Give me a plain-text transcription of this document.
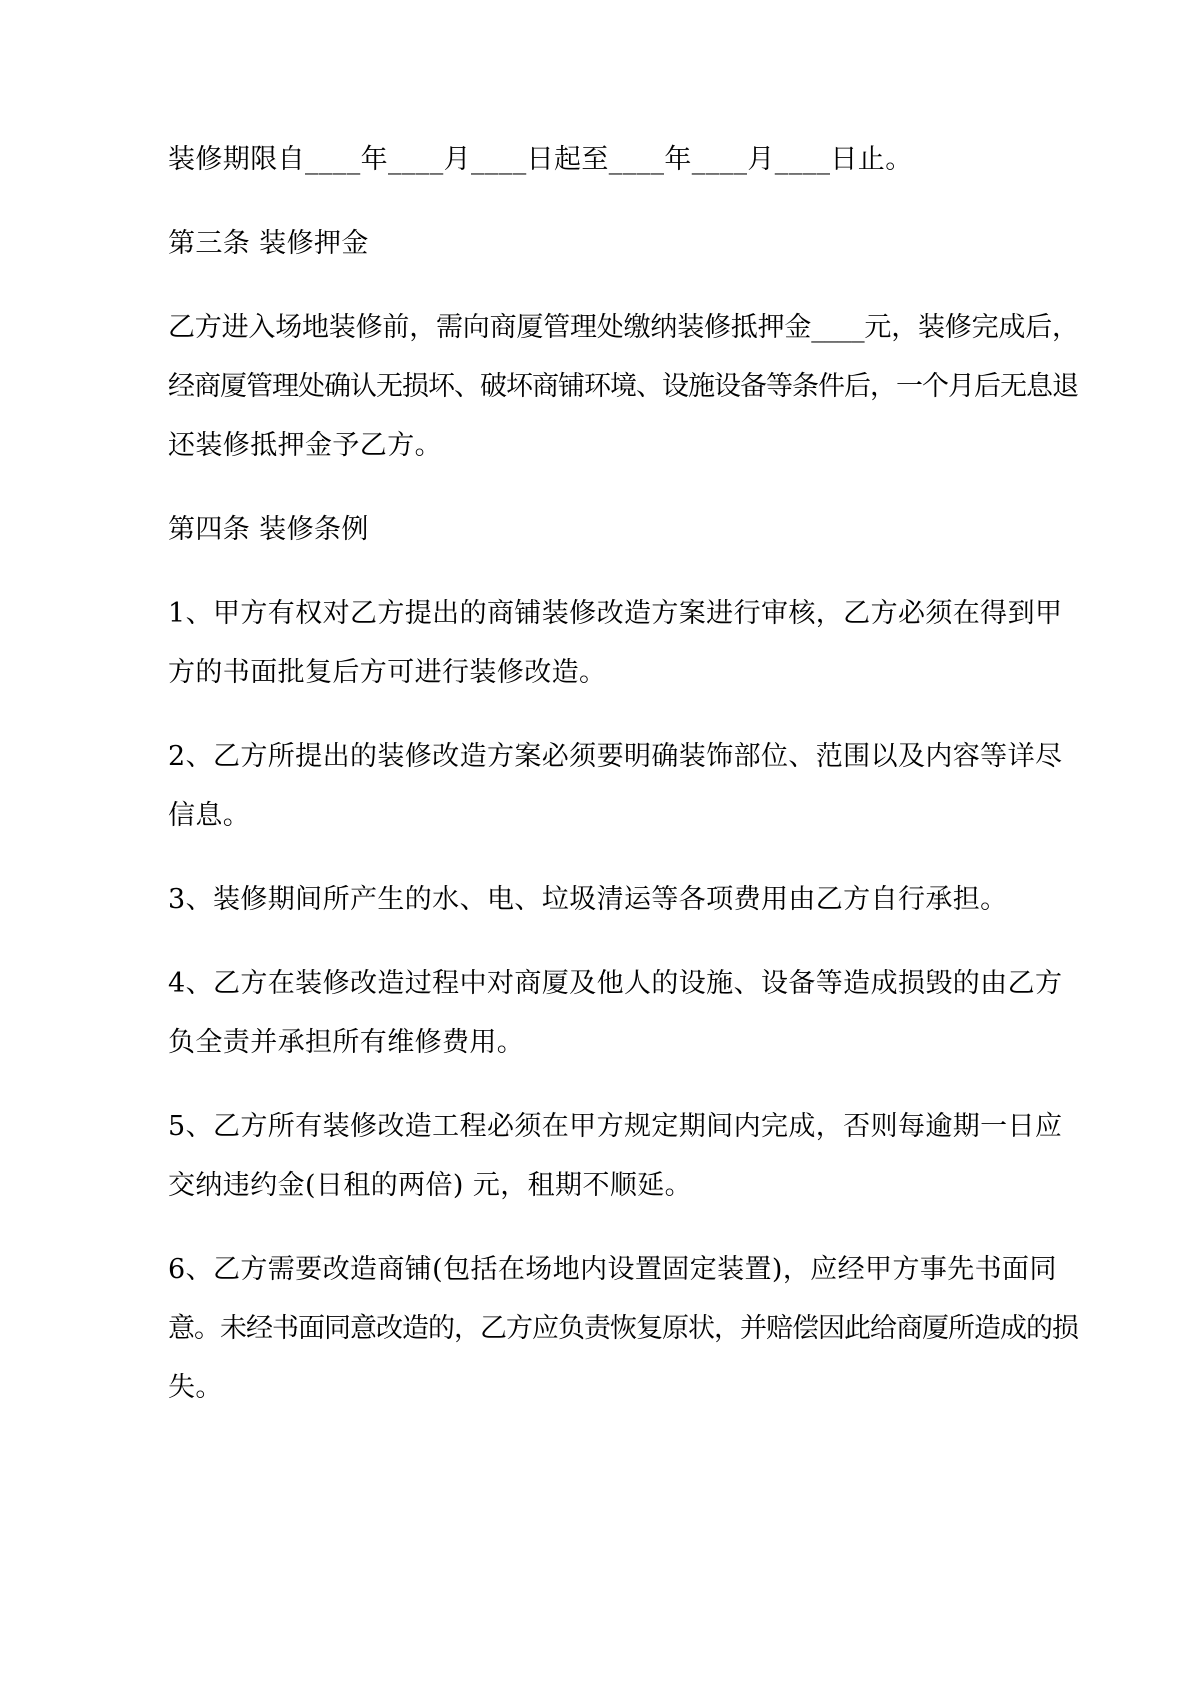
装修期限自____年____月____日起至____年____月____日止。
第三条 装修押金
乙方进入场地装修前，需向商厦管理处缴纳装修抵押金____元，装修完成后，
经商厦管理处确认无损坏、破坏商铺环境、设施设备等条件后，一个月后无息退
还装修抵押金予乙方。
第四条 装修条例
1、甲方有权对乙方提出的商铺装修改造方案进行审核，乙方必须在得到甲
方的书面批复后方可进行装修改造。
2、乙方所提出的装修改造方案必须要明确装饰部位、范围以及内容等详尽
信息。
3、装修期间所产生的水、电、垃圾清运等各项费用由乙方自行承担。
4、乙方在装修改造过程中对商厦及他人的设施、设备等造成损毁的由乙方
负全责并承担所有维修费用。
5、乙方所有装修改造工程必须在甲方规定期间内完成，否则每逾期一日应
交纳违约金(日租的两倍) 元，租期不顺延。
6、乙方需要改造商铺(包括在场地内设置固定装置)，应经甲方事先书面同
意。未经书面同意改造的，乙方应负责恢复原状，并赔偿因此给商厦所造成的损
失。
